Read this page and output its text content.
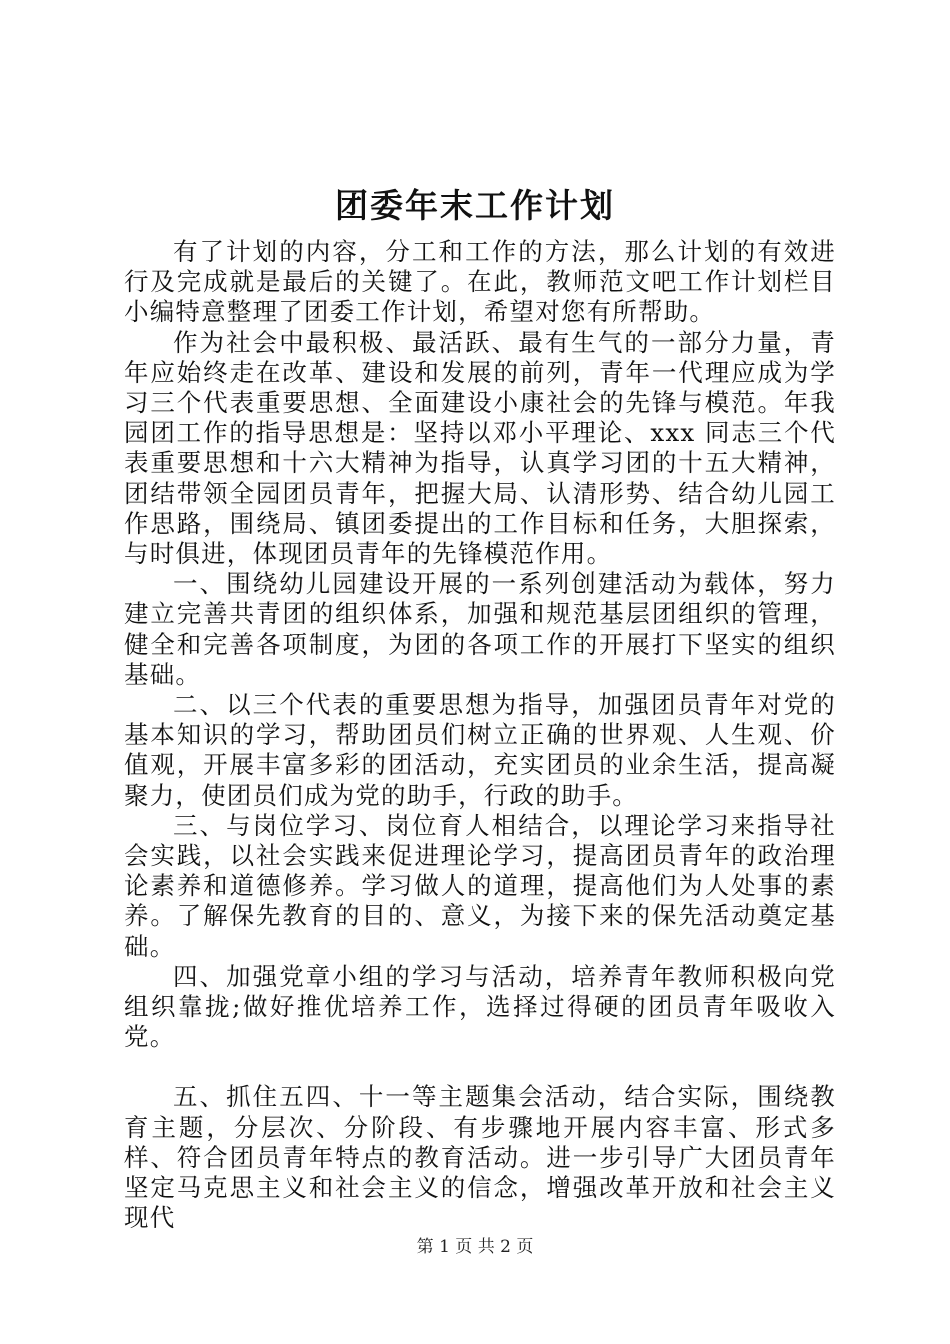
团委年末工作计划

有了计划的内容，分工和工作的方法，那么计划的有效进行及完成就是最后的关键了。在此，教师范文吧工作计划栏目小编特意整理了团委工作计划，希望对您有所帮助。

作为社会中最积极、最活跃、最有生气的一部分力量，青年应始终走在改革、建设和发展的前列，青年一代理应成为学习三个代表重要思想、全面建设小康社会的先锋与模范。年我园团工作的指导思想是：坚持以邓小平理论、xxx 同志三个代表重要思想和十六大精神为指导，认真学习团的十五大精神，团结带领全园团员青年，把握大局、认清形势、结合幼儿园工作思路，围绕局、镇团委提出的工作目标和任务，大胆探索，与时俱进，体现团员青年的先锋模范作用。

一、围绕幼儿园建设开展的一系列创建活动为载体，努力建立完善共青团的组织体系，加强和规范基层团组织的管理，健全和完善各项制度，为团的各项工作的开展打下坚实的组织基础。

二、以三个代表的重要思想为指导，加强团员青年对党的基本知识的学习，帮助团员们树立正确的世界观、人生观、价值观，开展丰富多彩的团活动，充实团员的业余生活，提高凝聚力，使团员们成为党的助手，行政的助手。

三、与岗位学习、岗位育人相结合，以理论学习来指导社会实践，以社会实践来促进理论学习，提高团员青年的政治理论素养和道德修养。学习做人的道理，提高他们为人处事的素养。了解保先教育的目的、意义，为接下来的保先活动奠定基础。

四、加强党章小组的学习与活动，培养青年教师积极向党组织靠拢;做好推优培养工作，选择过得硬的团员青年吸收入党。

五、抓住五四、十一等主题集会活动，结合实际，围绕教育主题，分层次、分阶段、有步骤地开展内容丰富、形式多样、符合团员青年特点的教育活动。进一步引导广大团员青年坚定马克思主义和社会主义的信念，增强改革开放和社会主义现代

第 1 页 共 2 页
